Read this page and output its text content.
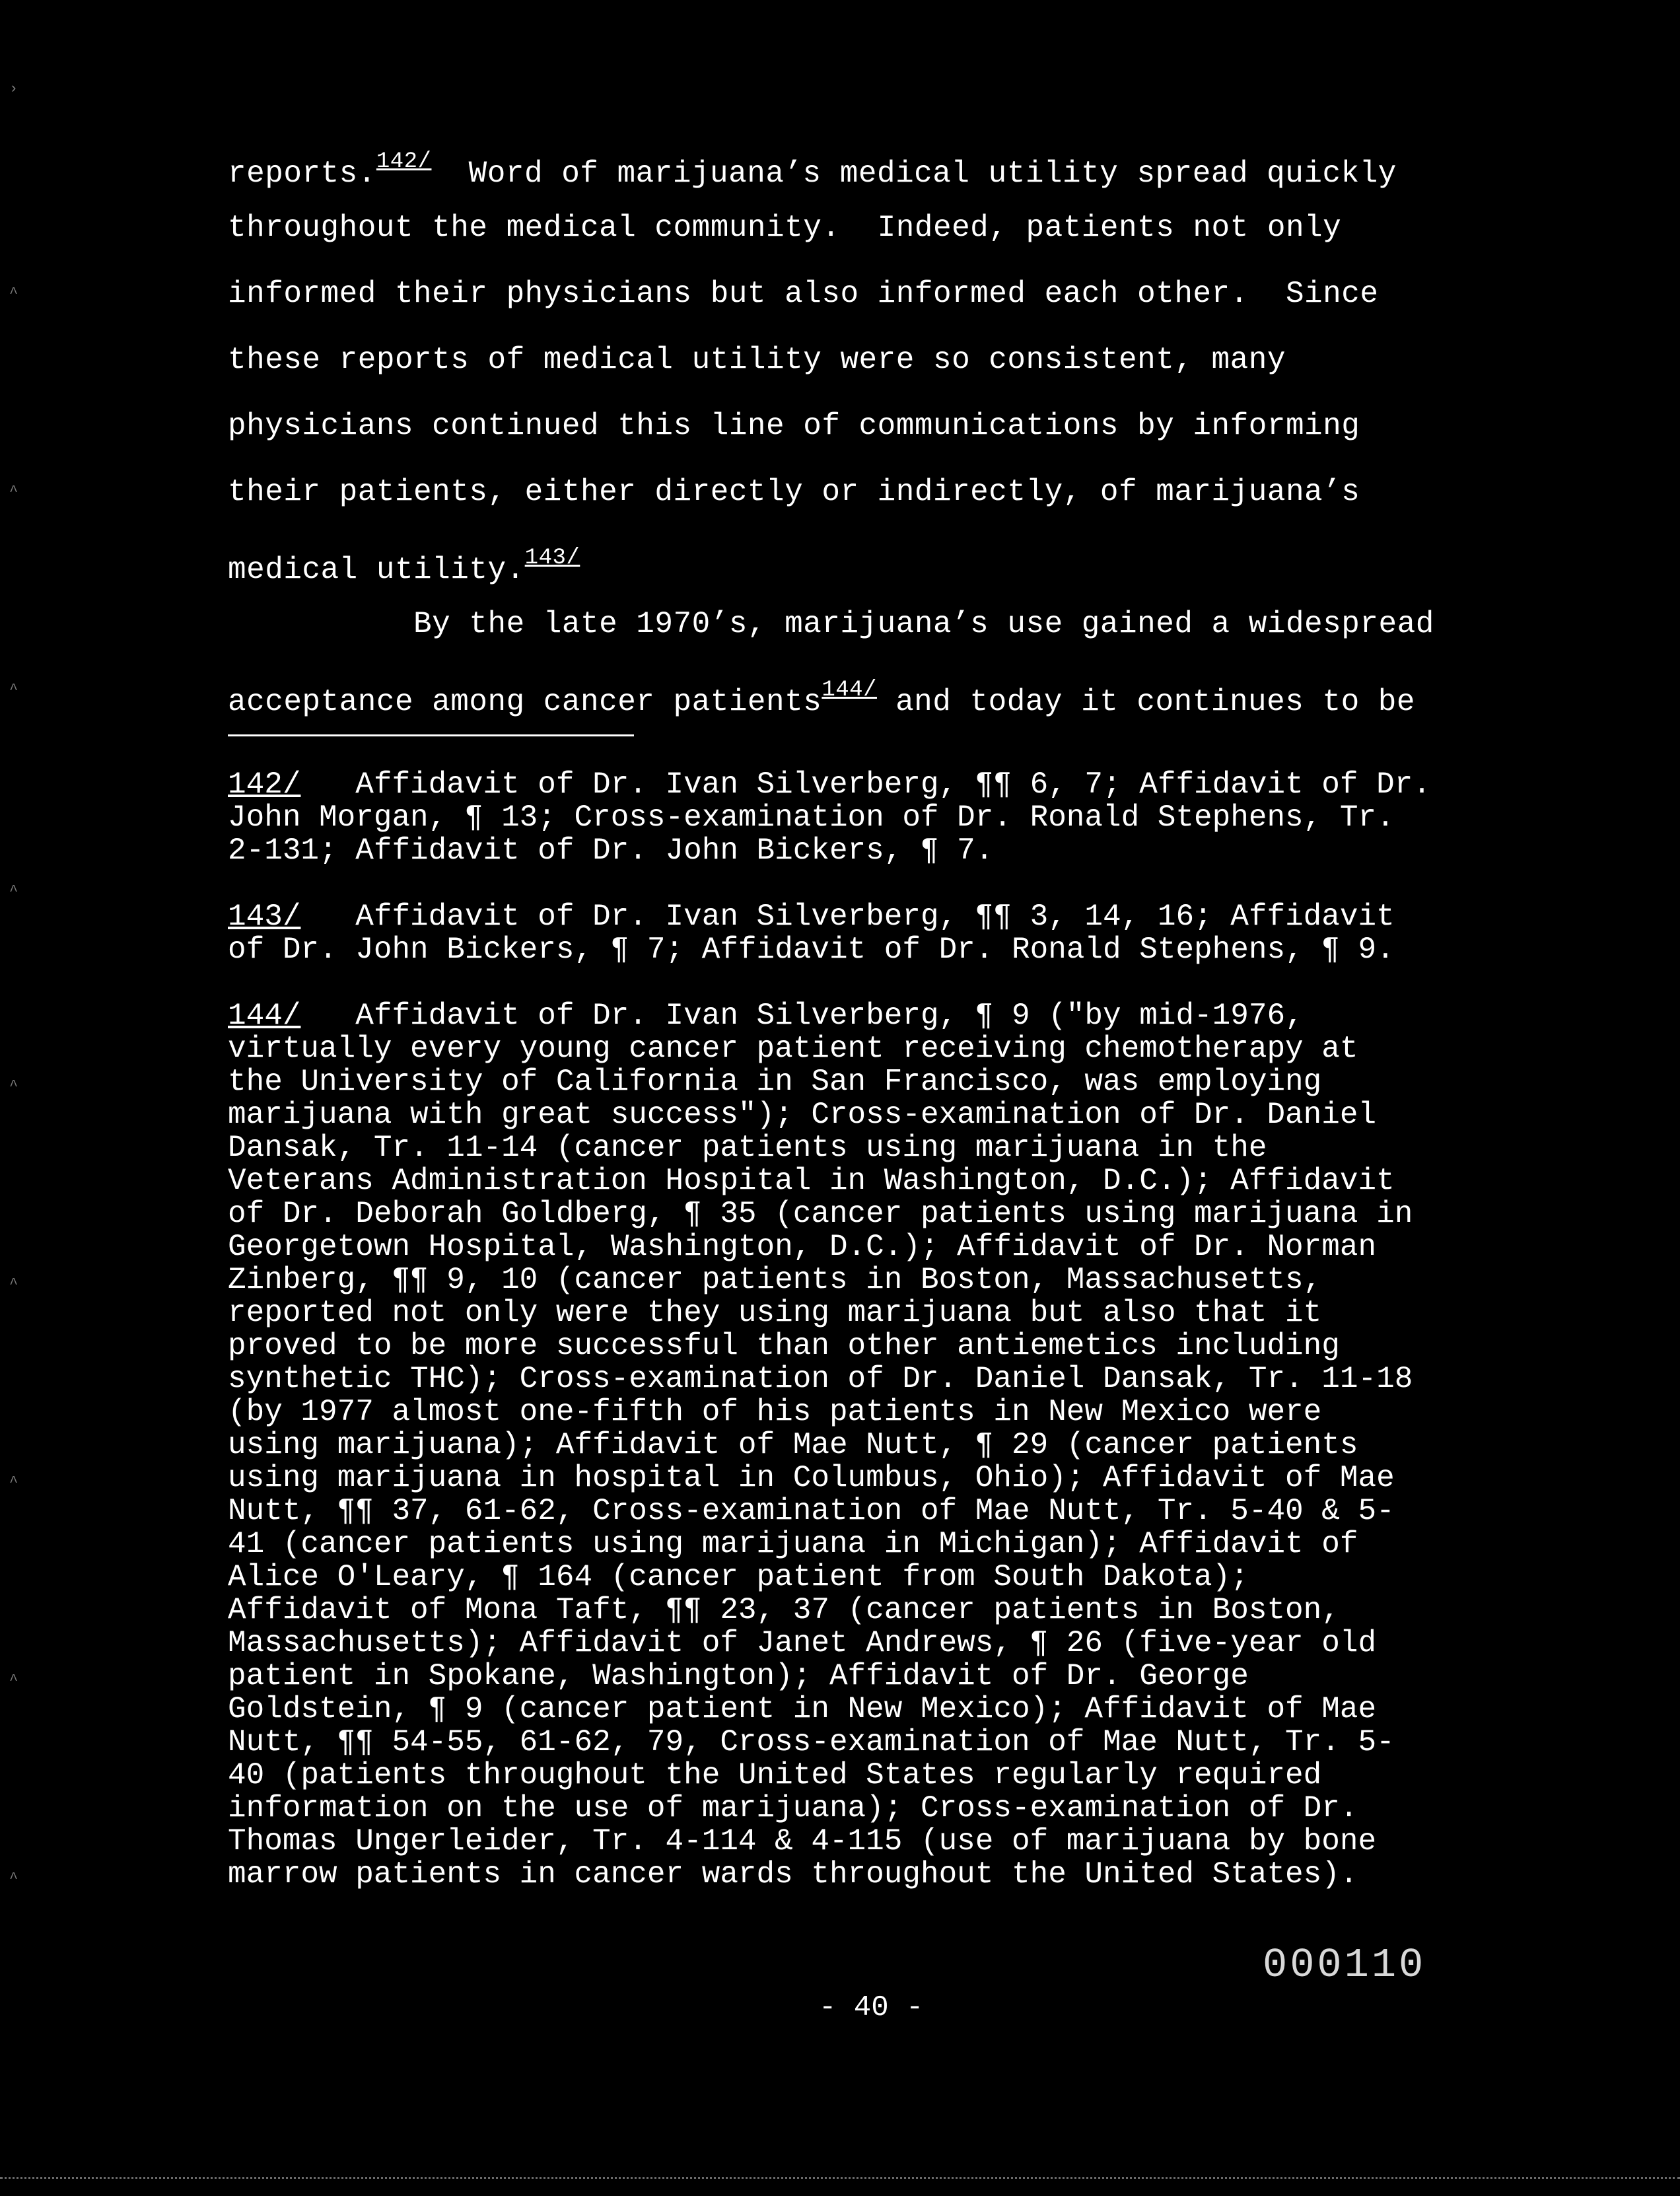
›
^
^
^
^
^
^
^
^
^
reports.$^{142/}$  Word of marijuana’s medical utility spread quickly
throughout the medical community.  Indeed, patients not only
informed their physicians but also informed each other.  Since
these reports of medical utility were so consistent, many
physicians continued this line of communications by informing
their patients, either directly or indirectly, of marijuana’s
medical utility.$^{143/}$
By the late 1970’s, marijuana’s use gained a widespread
acceptance among cancer patients$^{144/}$ and today it continues to be
142/   Affidavit of Dr. Ivan Silverberg, ¶¶ 6, 7; Affidavit of Dr.
John Morgan, ¶ 13; Cross-examination of Dr. Ronald Stephens, Tr.
2-131; Affidavit of Dr. John Bickers, ¶ 7.
143/   Affidavit of Dr. Ivan Silverberg, ¶¶ 3, 14, 16; Affidavit
of Dr. John Bickers, ¶ 7; Affidavit of Dr. Ronald Stephens, ¶ 9.
144/   Affidavit of Dr. Ivan Silverberg, ¶ 9 ("by mid-1976,
virtually every young cancer patient receiving chemotherapy at
the University of California in San Francisco, was employing
marijuana with great success"); Cross-examination of Dr. Daniel
Dansak, Tr. 11-14 (cancer patients using marijuana in the
Veterans Administration Hospital in Washington, D.C.); Affidavit
of Dr. Deborah Goldberg, ¶ 35 (cancer patients using marijuana in
Georgetown Hospital, Washington, D.C.); Affidavit of Dr. Norman
Zinberg, ¶¶ 9, 10 (cancer patients in Boston, Massachusetts,
reported not only were they using marijuana but also that it
proved to be more successful than other antiemetics including
synthetic THC); Cross-examination of Dr. Daniel Dansak, Tr. 11-18
(by 1977 almost one-fifth of his patients in New Mexico were
using marijuana); Affidavit of Mae Nutt, ¶ 29 (cancer patients
using marijuana in hospital in Columbus, Ohio); Affidavit of Mae
Nutt, ¶¶ 37, 61-62, Cross-examination of Mae Nutt, Tr. 5-40 & 5-
41 (cancer patients using marijuana in Michigan); Affidavit of
Alice O'Leary, ¶ 164 (cancer patient from South Dakota);
Affidavit of Mona Taft, ¶¶ 23, 37 (cancer patients in Boston,
Massachusetts); Affidavit of Janet Andrews, ¶ 26 (five-year old
patient in Spokane, Washington); Affidavit of Dr. George
Goldstein, ¶ 9 (cancer patient in New Mexico); Affidavit of Mae
Nutt, ¶¶ 54-55, 61-62, 79, Cross-examination of Mae Nutt, Tr. 5-
40 (patients throughout the United States regularly required
information on the use of marijuana); Cross-examination of Dr.
Thomas Ungerleider, Tr. 4-114 & 4-115 (use of marijuana by bone
marrow patients in cancer wards throughout the United States).
000110
- 40 -
